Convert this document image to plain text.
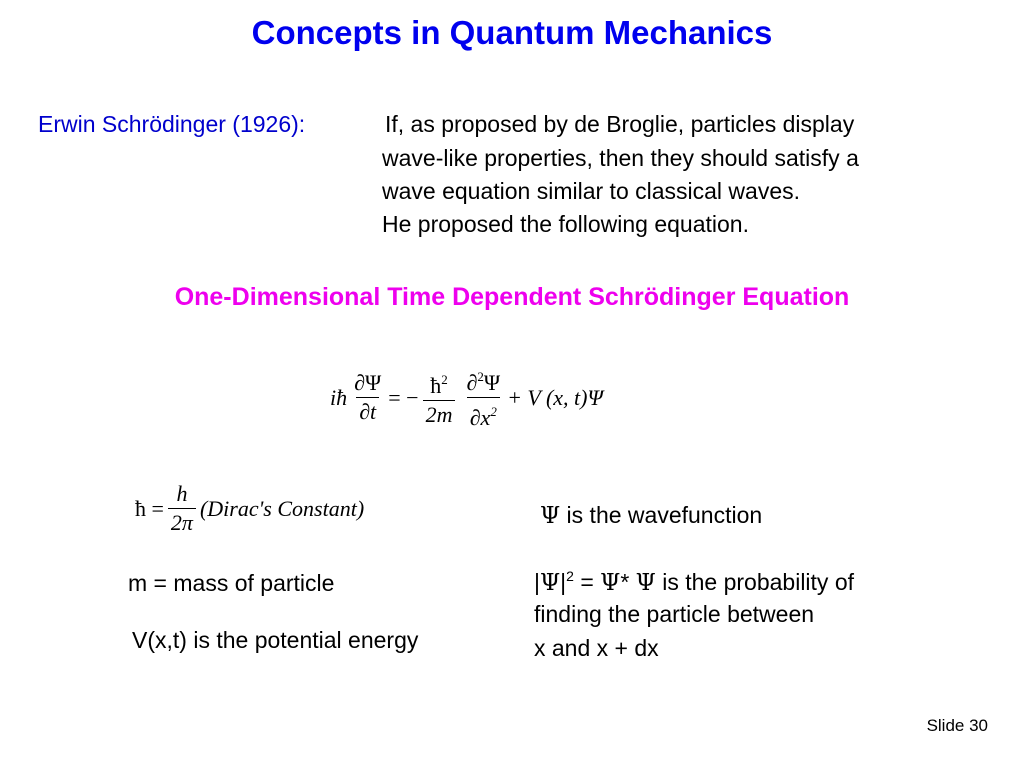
Concepts in Quantum Mechanics
Erwin Schrödinger (1926):	If, as proposed by de Broglie, particles display
wave-like properties, then they should satisfy a
wave equation similar to classical waves.
He proposed the following equation.
One-Dimensional Time Dependent Schrödinger Equation
iħ $\frac{\partial\Psi}{\partial t}$ = − $\frac{ħ^2}{2m} \frac{\partial^2\Psi}{\partial x^2} + V$ (x, t)Ψ
ħ = $\frac{h}{2\pi}$ (Dirac's Constant)	Ψ is the wavefunction
$|\Psi|^2 = \Psi*$ Ψ is the probability of
finding the particle between
x and x + dx
m = mass of particle
V(x,t) is the potential energy
Slide 30
